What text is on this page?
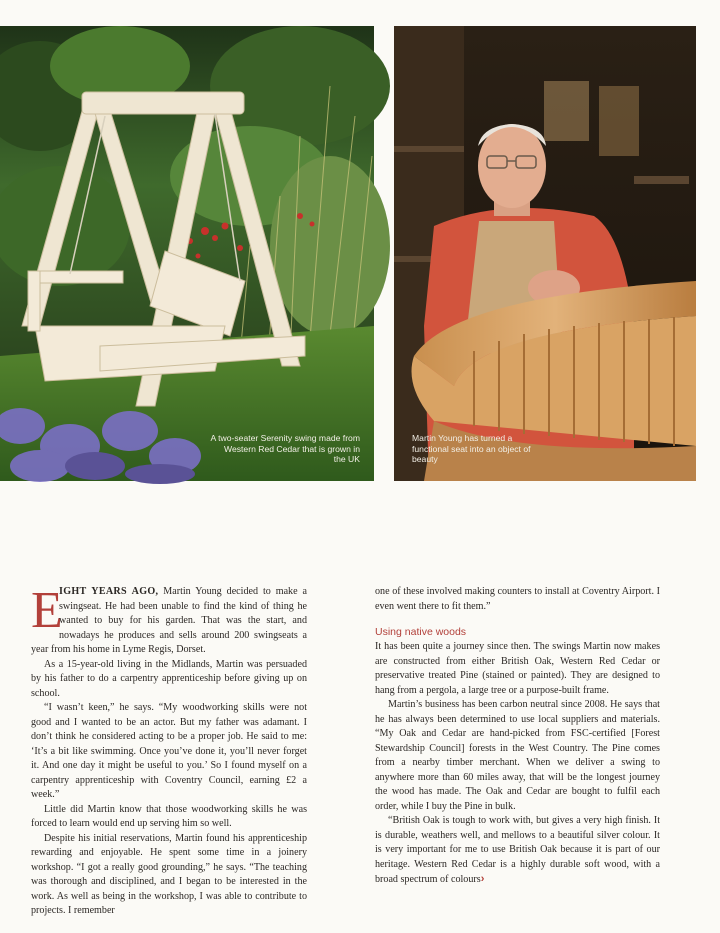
A two-seater Serenity swing made from Western Red Cedar that is grown in the UK
Martin Young has turned a functional seat into an object of beauty

E
IGHT YEARS AGO, Martin Young decided to make a swingseat. He had been unable to find the kind of thing he wanted to buy for his garden. That was the start, and nowadays he produces and sells around 200 swingseats a year from his home in Lyme Regis, Dorset.

As a 15-year-old living in the Midlands, Martin was persuaded by his father to do a carpentry apprenticeship before giving up on school.

“I wasn’t keen,” he says. “My woodworking skills were not good and I wanted to be an actor. But my father was adamant. I don’t think he considered acting to be a proper job. He said to me: ‘It’s a bit like swimming. Once you’ve done it, you’ll never forget it. And one day it might be useful to you.’ So I found myself on a carpentry apprenticeship with Coventry Council, earning £2 a week.”

Little did Martin know that those woodworking skills he was forced to learn would end up serving him so well.

Despite his initial reservations, Martin found his apprenticeship rewarding and enjoyable. He spent some time in a joinery workshop. “I got a really good grounding,” he says. “The teaching was thorough and disciplined, and I began to be interested in the work. As well as being in the workshop, I was able to contribute to projects. I remember

one of these involved making counters to install at Coventry Airport. I even went there to fit them.”

Using native woods

It has been quite a journey since then. The swings Martin now makes are constructed from either British Oak, Western Red Cedar or preservative treated Pine (stained or painted). They are designed to hang from a pergola, a large tree or a purpose-built frame.

Martin’s business has been carbon neutral since 2008. He says that he has always been determined to use local suppliers and materials. “My Oak and Cedar are hand-picked from FSC-certified [Forest Stewardship Council] forests in the West Country. The Pine comes from a nearby timber merchant. When we deliver a swing to anywhere more than 60 miles away, that will be the longest journey the wood has made. The Oak and Cedar are bought to fulfil each order, while I buy the Pine in bulk.

“British Oak is tough to work with, but gives a very high finish. It is durable, weathers well, and mellows to a beautiful silver colour. It is very important for me to use British Oak because it is part of our heritage. Western Red Cedar is a highly durable soft wood, with a broad spectrum of colours›
